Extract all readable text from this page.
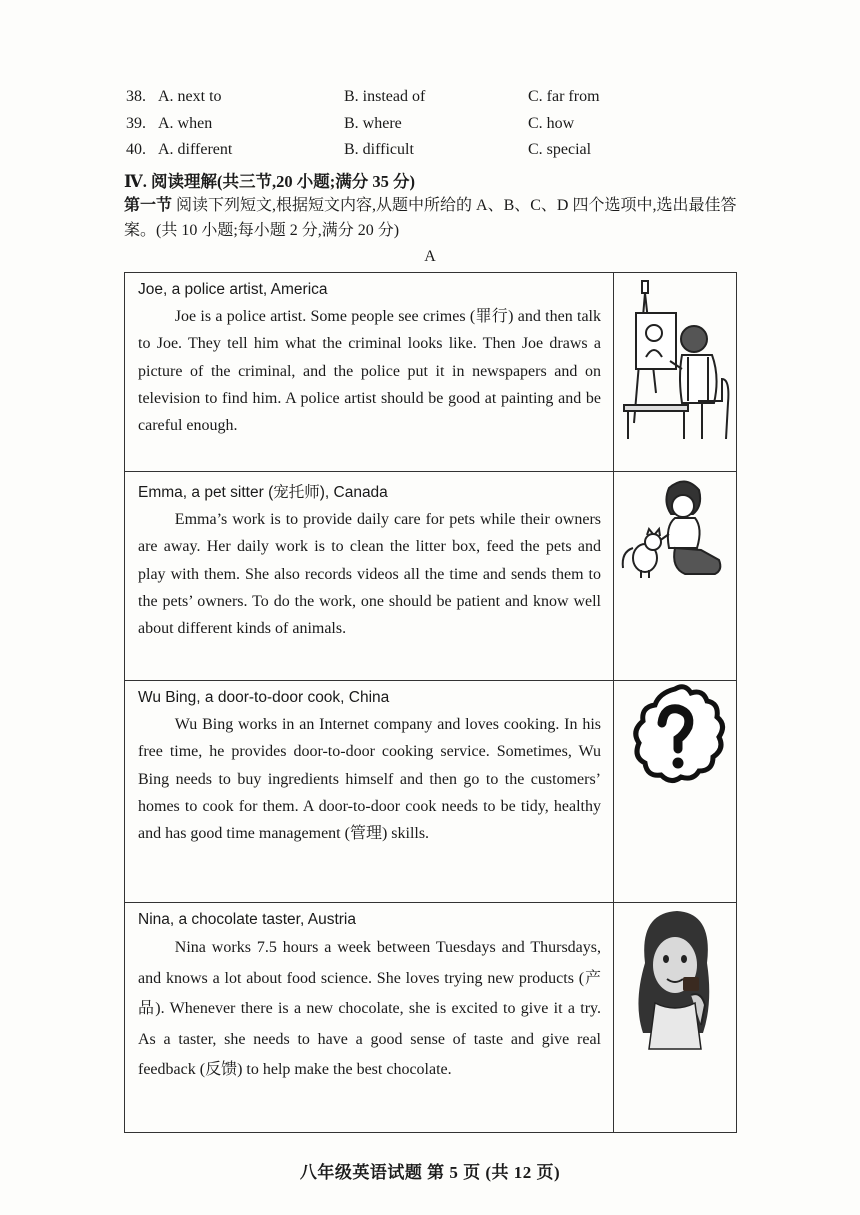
38. A. next to	B. instead of	C. far from
39. A. when	B. where	C. how
40. A. different	B. difficult	C. special
Ⅳ. 阅读理解(共三节,20 小题;满分 35 分)
第一节 阅读下列短文,根据短文内容,从题中所给的 A、B、C、D 四个选项中,选出最佳答案。(共 10 小题;每小题 2 分,满分 20 分)
A
Joe, a police artist, America
Joe is a police artist. Some people see crimes (罪行) and then talk to Joe. They tell him what the criminal looks like. Then Joe draws a picture of the criminal, and the police put it in newspapers and on television to find him. A police artist should be good at painting and be careful enough.

Emma, a pet sitter (宠托师), Canada
Emma’s work is to provide daily care for pets while their owners are away. Her daily work is to clean the litter box, feed the pets and play with them. She also records videos all the time and sends them to the pets’ owners. To do the work, one should be patient and know well about different kinds of animals.

Wu Bing, a door-to-door cook, China
Wu Bing works in an Internet company and loves cooking. In his free time, he provides door-to-door cooking service. Sometimes, Wu Bing needs to buy ingredients himself and then go to the customers’ homes to cook for them. A door-to-door cook needs to be tidy, healthy and has good time management (管理) skills.

Nina, a chocolate taster, Austria
Nina works 7.5 hours a week between Tuesdays and Thursdays, and knows a lot about food science. She loves trying new products (产品). Whenever there is a new chocolate, she is excited to give it a try. As a taster, she needs to have a good sense of taste and give real feedback (反馈) to help make the best chocolate.

八年级英语试题 第 5 页 (共 12 页)
